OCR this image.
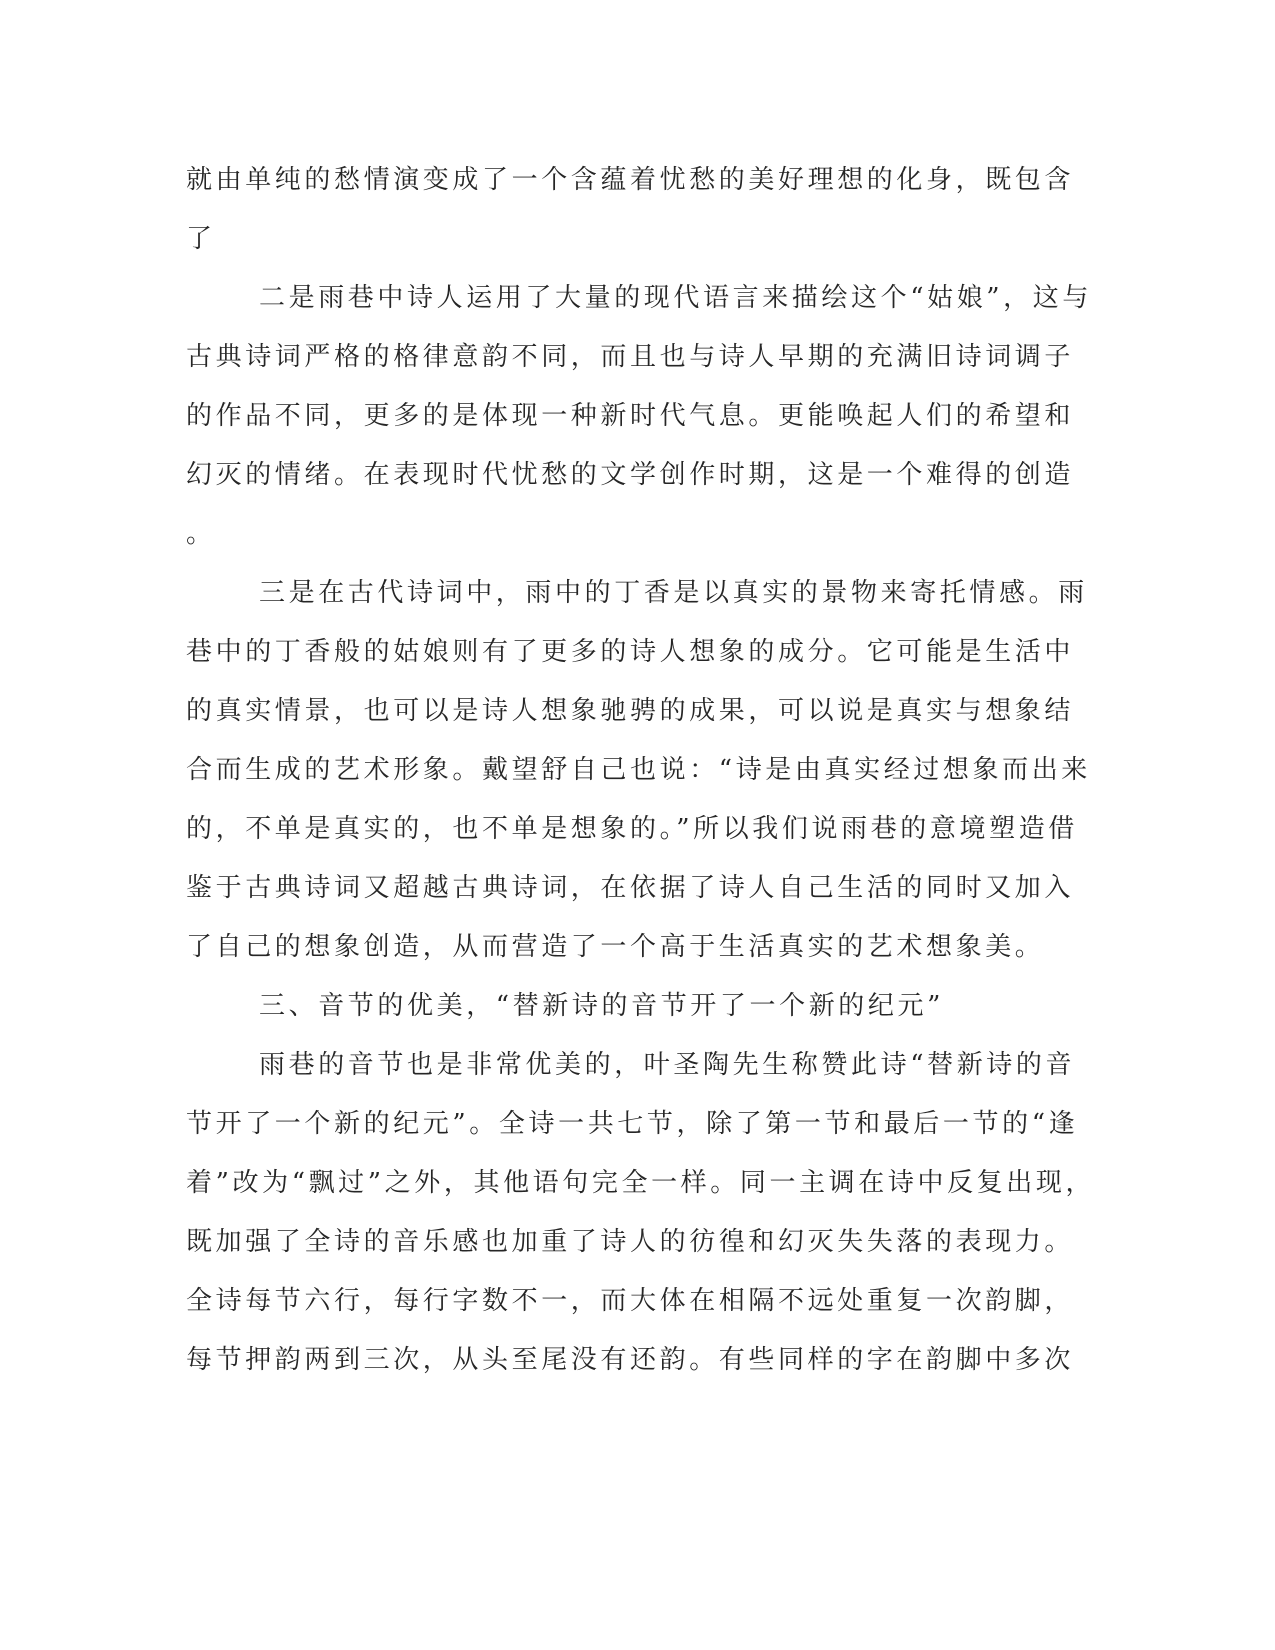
就由单纯的愁情演变成了一个含蕴着忧愁的美好理想的化身，既包含
了
二是雨巷中诗人运用了大量的现代语言来描绘这个“姑娘”，这与
古典诗词严格的格律意韵不同，而且也与诗人早期的充满旧诗词调子
的作品不同，更多的是体现一种新时代气息。更能唤起人们的希望和
幻灭的情绪。在表现时代忧愁的文学创作时期，这是一个难得的创造
。
三是在古代诗词中，雨中的丁香是以真实的景物来寄托情感。雨
巷中的丁香般的姑娘则有了更多的诗人想象的成分。它可能是生活中
的真实情景，也可以是诗人想象驰骋的成果，可以说是真实与想象结
合而生成的艺术形象。戴望舒自己也说：“诗是由真实经过想象而出来
的，不单是真实的，也不单是想象的。”所以我们说雨巷的意境塑造借
鉴于古典诗词又超越古典诗词，在依据了诗人自己生活的同时又加入
了自己的想象创造，从而营造了一个高于生活真实的艺术想象美。
三、音节的优美，“替新诗的音节开了一个新的纪元”
雨巷的音节也是非常优美的，叶圣陶先生称赞此诗“替新诗的音
节开了一个新的纪元”。全诗一共七节，除了第一节和最后一节的“逢
着”改为“飘过”之外，其他语句完全一样。同一主调在诗中反复出现，
既加强了全诗的音乐感也加重了诗人的彷徨和幻灭失失落的表现力。
全诗每节六行，每行字数不一，而大体在相隔不远处重复一次韵脚，
每节押韵两到三次，从头至尾没有还韵。有些同样的字在韵脚中多次
